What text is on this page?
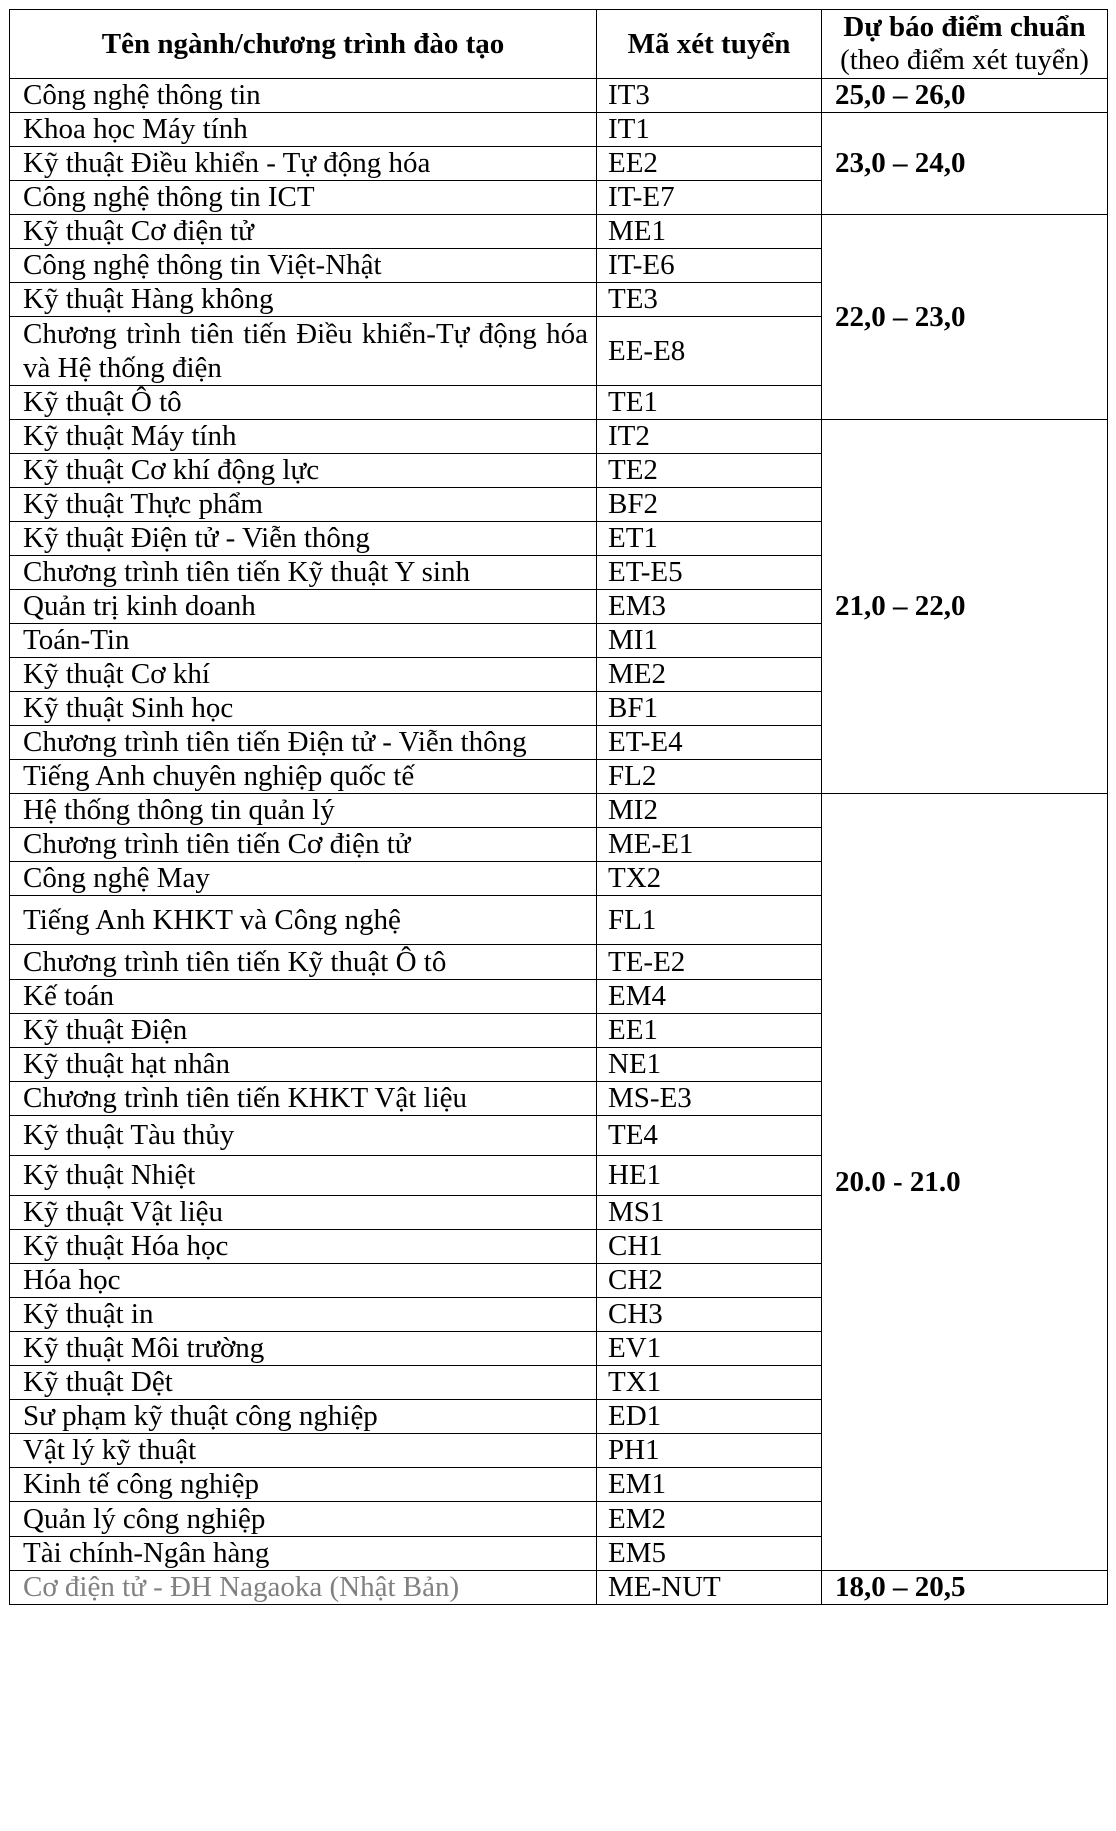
Tên ngành/chương trình đào tạo	Mã xét tuyển	Dự báo điểm chuẩn
(theo điểm xét tuyển)

Công nghệ thông tin	IT3	25,0 – 26,0
Khoa học Máy tính	IT1	23,0 – 24,0
Kỹ thuật Điều khiển - Tự động hóa	EE2	
Công nghệ thông tin ICT	IT-E7	
Kỹ thuật Cơ điện tử	ME1	22,0 – 23,0
Công nghệ thông tin Việt-Nhật	IT-E6	
Kỹ thuật Hàng không	TE3	
Chương trình tiên tiến Điều khiển-Tự động hóa và Hệ thống điện	EE-E8	
Kỹ thuật Ô tô	TE1	
Kỹ thuật Máy tính	IT2	21,0 – 22,0
Kỹ thuật Cơ khí động lực	TE2	
Kỹ thuật Thực phẩm	BF2	
Kỹ thuật Điện tử - Viễn thông	ET1	
Chương trình tiên tiến Kỹ thuật Y sinh	ET-E5	
Quản trị kinh doanh	EM3	
Toán-Tin	MI1	
Kỹ thuật Cơ khí	ME2	
Kỹ thuật Sinh học	BF1	
Chương trình tiên tiến Điện tử - Viễn thông	ET-E4	
Tiếng Anh chuyên nghiệp quốc tế	FL2	
Hệ thống thông tin quản lý	MI2	20.0 - 21.0
Chương trình tiên tiến Cơ điện tử	ME-E1	
Công nghệ May	TX2	
Tiếng Anh KHKT và Công nghệ	FL1	
Chương trình tiên tiến Kỹ thuật Ô tô	TE-E2	
Kế toán	EM4	
Kỹ thuật Điện	EE1	
Kỹ thuật hạt nhân	NE1	
Chương trình tiên tiến KHKT Vật liệu	MS-E3	
Kỹ thuật Tàu thủy	TE4	
Kỹ thuật Nhiệt	HE1	
Kỹ thuật Vật liệu	MS1	
Kỹ thuật Hóa học	CH1	
Hóa học	CH2	
Kỹ thuật in	CH3	
Kỹ thuật Môi trường	EV1	
Kỹ thuật Dệt	TX1	
Sư phạm kỹ thuật công nghiệp	ED1	
Vật lý kỹ thuật	PH1	
Kinh tế công nghiệp	EM1	
Quản lý công nghiệp	EM2	
Tài chính-Ngân hàng	EM5	
Cơ điện tử - ĐH Nagaoka (Nhật Bản)	ME-NUT	18,0 – 20,5
